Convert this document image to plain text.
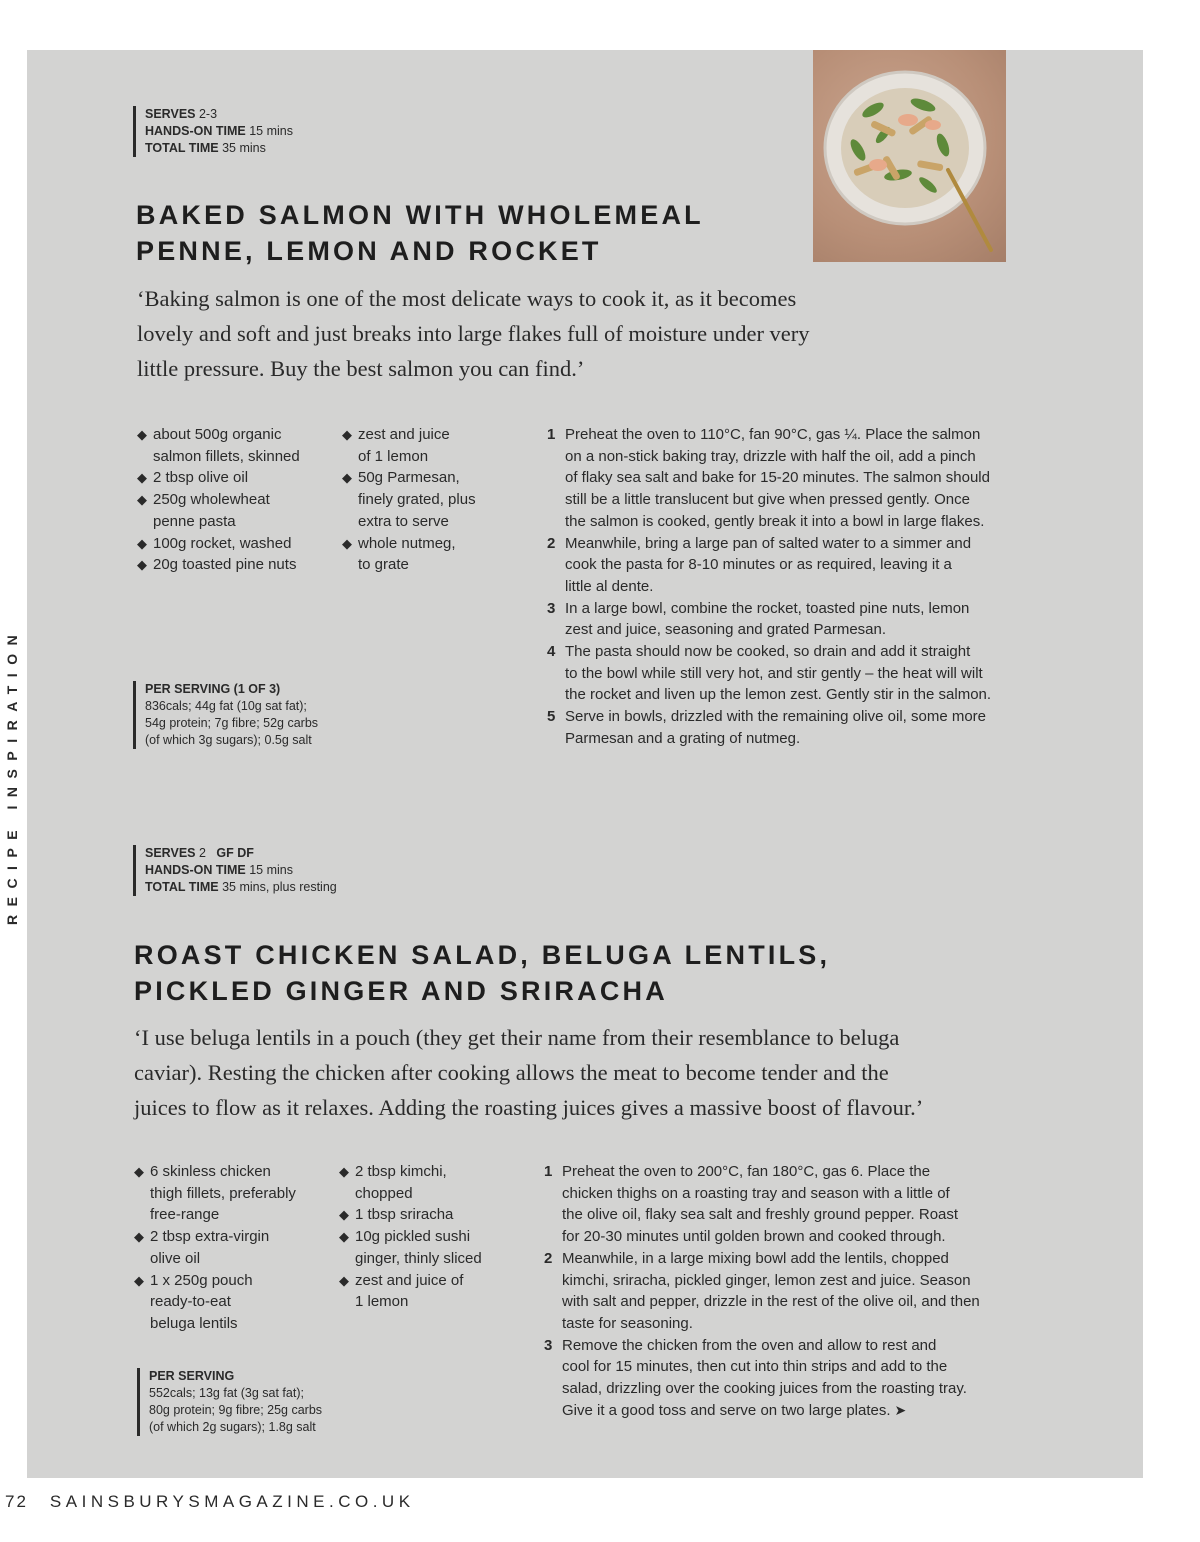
RECIPE INSPIRATION
SERVES 2-3
HANDS-ON TIME 15 mins
TOTAL TIME 35 mins
BAKED SALMON WITH WHOLEMEAL
PENNE, LEMON AND ROCKET
‘Baking salmon is one of the most delicate ways to cook it, as it becomes
lovely and soft and just breaks into large flakes full of moisture under very
little pressure. Buy the best salmon you can find.’
◆ about 500g organic
salmon fillets, skinned
◆ 2 tbsp olive oil
◆ 250g wholewheat
penne pasta
◆ 100g rocket, washed
◆ 20g toasted pine nuts
◆ zest and juice
of 1 lemon
◆ 50g Parmesan,
finely grated, plus
extra to serve
◆ whole nutmeg,
to grate
1 Preheat the oven to 110°C, fan 90°C, gas ¼. Place the salmon
on a non-stick baking tray, drizzle with half the oil, add a pinch
of flaky sea salt and bake for 15-20 minutes. The salmon should
still be a little translucent but give when pressed gently. Once
the salmon is cooked, gently break it into a bowl in large flakes.
2 Meanwhile, bring a large pan of salted water to a simmer and
cook the pasta for 8-10 minutes or as required, leaving it a
little al dente.
3 In a large bowl, combine the rocket, toasted pine nuts, lemon
zest and juice, seasoning and grated Parmesan.
4 The pasta should now be cooked, so drain and add it straight
to the bowl while still very hot, and stir gently – the heat will wilt
the rocket and liven up the lemon zest. Gently stir in the salmon.
5 Serve in bowls, drizzled with the remaining olive oil, some more
Parmesan and a grating of nutmeg.
PER SERVING (1 OF 3)
836cals; 44g fat (10g sat fat);
54g protein; 7g fibre; 52g carbs
(of which 3g sugars); 0.5g salt
SERVES 2 GF DF
HANDS-ON TIME 15 mins
TOTAL TIME 35 mins, plus resting
ROAST CHICKEN SALAD, BELUGA LENTILS,
PICKLED GINGER AND SRIRACHA
‘I use beluga lentils in a pouch (they get their name from their resemblance to beluga
caviar). Resting the chicken after cooking allows the meat to become tender and the
juices to flow as it relaxes. Adding the roasting juices gives a massive boost of flavour.’
◆ 6 skinless chicken
thigh fillets, preferably
free-range
◆ 2 tbsp extra-virgin
olive oil
◆ 1 x 250g pouch
ready-to-eat
beluga lentils
◆ 2 tbsp kimchi,
chopped
◆ 1 tbsp sriracha
◆ 10g pickled sushi
ginger, thinly sliced
◆ zest and juice of
1 lemon
1 Preheat the oven to 200°C, fan 180°C, gas 6. Place the
chicken thighs on a roasting tray and season with a little of
the olive oil, flaky sea salt and freshly ground pepper. Roast
for 20-30 minutes until golden brown and cooked through.
2 Meanwhile, in a large mixing bowl add the lentils, chopped
kimchi, sriracha, pickled ginger, lemon zest and juice. Season
with salt and pepper, drizzle in the rest of the olive oil, and then
taste for seasoning.
3 Remove the chicken from the oven and allow to rest and
cool for 15 minutes, then cut into thin strips and add to the
salad, drizzling over the cooking juices from the roasting tray.
Give it a good toss and serve on two large plates. ➤
PER SERVING
552cals; 13g fat (3g sat fat);
80g protein; 9g fibre; 25g carbs
(of which 2g sugars); 1.8g salt
72 SAINSBURYSMAGAZINE.CO.UK
